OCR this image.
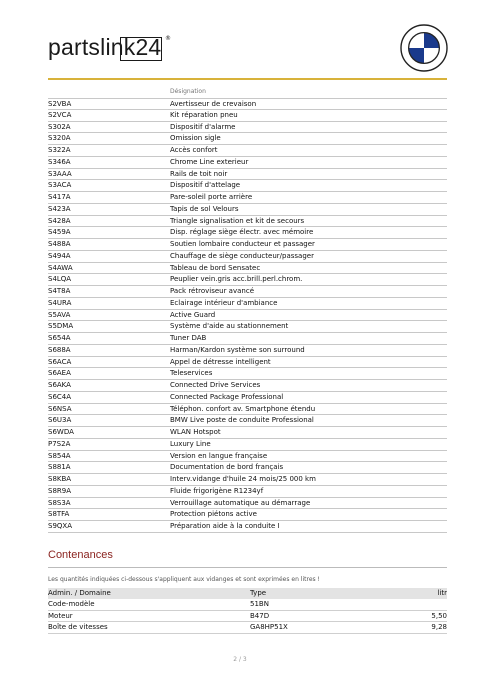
partslink24 ®
Désignation
S2VBA	Avertisseur de crevaison
S2VCA	Kit réparation pneu
S302A	Dispositif d'alarme
S320A	Omission sigle
S322A	Accès confort
S346A	Chrome Line exterieur
S3AAA	Rails de toit noir
S3ACA	Dispositif d'attelage
S417A	Pare-soleil porte arrière
S423A	Tapis de sol Velours
S428A	Triangle signalisation et kit de secours
S459A	Disp. réglage siège électr. avec mémoire
S488A	Soutien lombaire conducteur et passager
S494A	Chauffage de siège conducteur/passager
S4AWA	Tableau de bord Sensatec
S4LQA	Peuplier vein.gris acc.brill.perl.chrom.
S4T8A	Pack rétroviseur avancé
S4URA	Eclairage intérieur d'ambiance
S5AVA	Active Guard
S5DMA	Système d'aide au stationnement
S654A	Tuner DAB
S688A	Harman/Kardon système son surround
S6ACA	Appel de détresse intelligent
S6AEA	Teleservices
S6AKA	Connected Drive Services
S6C4A	Connected Package Professional
S6NSA	Téléphon. confort av. Smartphone étendu
S6U3A	BMW Live poste de conduite Professional
S6WDA	WLAN Hotspot
P7S2A	Luxury Line
S854A	Version en langue française
S881A	Documentation de bord français
S8KBA	Interv.vidange d'huile 24 mois/25 000 km
S8R9A	Fluide frigorigène R1234yf
S8S3A	Verrouillage automatique au démarrage
S8TFA	Protection piétons active
S9QXA	Préparation aide à la conduite I
Contenances
Les quantités indiquées ci-dessous s'appliquent aux vidanges et sont exprimées en litres !
Admin. / Domaine	Type	litr
Code-modèle	51BN
Moteur	B47D	5,50
Boîte de vitesses	GA8HP51X	9,28
2 / 3
